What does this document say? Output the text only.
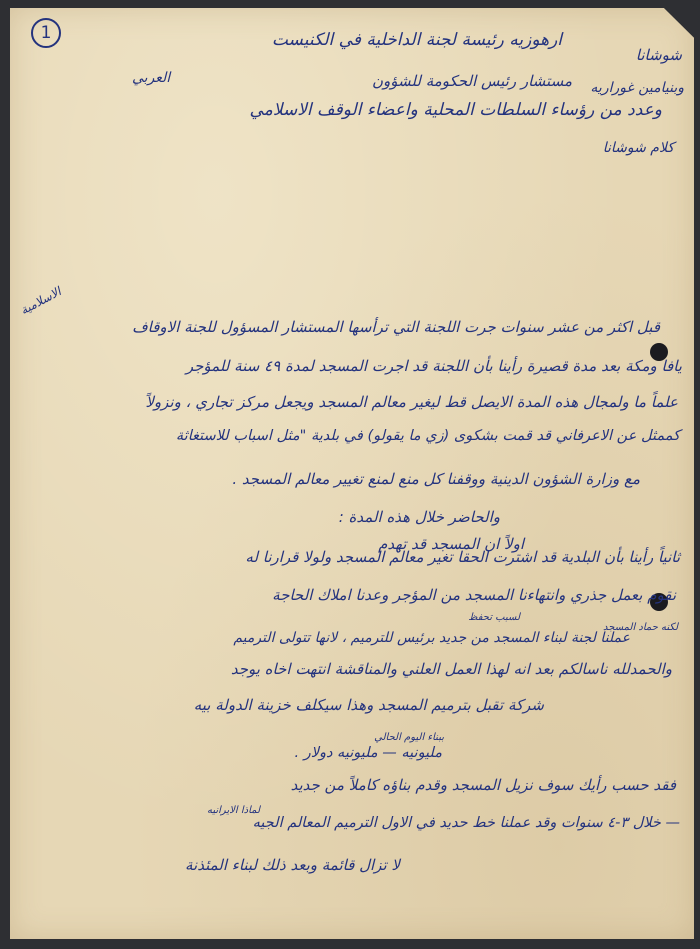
1	ارهوزيه رئيسة لجنة الداخلية في الكنيست
شوشانا
العربي	مستشار رئيس الحكومة للشؤون وبنيامين غوراريه
وعدد من رؤساء السلطات المحلية واعضاء الوقف الاسلامي
كلام شوشانا
الاسلامية
قبل اكثر من عشر سنوات جرت اللجنة التي ترأسها المستشار المسؤول للجنة الاوقاف
يافا ومكة بعد مدة قصيرة رأينا بأن اللجنة قد اجرت المسجد لمدة ٤٩ سنة للمؤجر
علماً ما ولمجال هذه المدة الايصل قط ليغير معالم المسجد ويجعل مركز تجاري ، ونزولاً
كممثل عن الاعرفاني قد قمت بشكوى (زي ما يقولو) في بلدية "مثل اسباب للاستغاثة
مع وزارة الشؤون الدينية ووقفنا كل منع لمنع تغيير معالم المسجد .
والحاضر خلال هذه المدة :
اولاً ان المسجد قد تهدم
ثانياً رأينا بأن البلدية قد اشترت الحقا تغير معالم المسجد ولولا قرارنا له
نقوم بعمل جذري وانتهاءنا المسجد من المؤجر وعدنا املاك الحاجة
لسبب تحفظ
لكنه حماد المسجد
عملنا لجنة لبناء المسجد من جديد برئيس للترميم ، لانها تتولى الترميم
والحمدلله ناسالكم بعد انه لهذا العمل العلني والمناقشة انتهت اخاه يوجد
شركة تقبل بترميم المسجد وهذا سيكلف خزينة الدولة بيه
ببناء اليوم الحالي
مليونيه — مليونيه دولار .
فقد حسب رأيك سوف نزيل المسجد وقدم بناؤه كاملاً من جديد
لماذا الايرانيه
— خلال ٣-٤ سنوات وقد عملنا خط حديد في الاول الترميم المعالم الجيه
لا تزال قائمة وبعد ذلك لبناء المئذنة
